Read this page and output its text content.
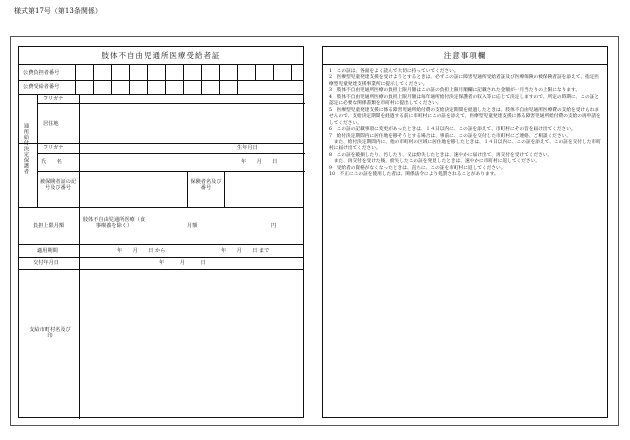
様式第17号（第13条関係）
肢体不自由児通所医療受給者証
公費負担者番号
公費受給者番号
通所給付決定保護者
フリガナ
居住地
フリガナ	生年月日
氏　　名	年　　月　　日
被保険者証の記号及び番号
保険者名及び番号
負担上限月額
肢体不自由児通所医療（食事療養を除く）	月額	円
適用期間	年　　月　　日 から	年　　月　　日 まで
交付年月日	年　　　月　　　日
支給市町村名及び印
注意事項欄

1　この証は、各面をよく読んで大切に持っていてください。

2　医療型児童発達支援を受けようとするときは、必ずこの証に障害児通所受給者証及び医療保険の被保険者証を添えて、指定医療型児童発達支援事業所に提示してください。

3　肢体不自由児通所医療の負担上限月額はこの証の負担上限月額欄に記載された金額が一月当たりの上限になります。

4　肢体不自由児通所医療の負担上限月額は毎年通所給付決定保護者の収入等に応じて決定しますので、所定の時期に、この証と認定に必要な関係書類を市町村に提出してください。

5　医療型児童発達支援に係る障害児通所給付費の支給決定期間を経過したときは、肢体不自由児通所医療費の支給を受けられませんので、支給決定期間を経過する前に市町村にこの証を添えて、医療型児童発達支援に係る障害児通所給付費の支給の再申請をしてください。

6　この証の記載事項に変更があったときは、１４日以内に、この証を添えて、市町村にその旨を届け出てください。

7　給付決定期間内に居住地を移そうとする場合は、事前に、この証を交付した市町村にご連絡、ご相談ください。

　また、給付決定期間内に、他の市町村の区域に居住地を移したときは、１４日以内に、この証を添えて、この証を交付した市町村に届け出てください。

8　この証を破損したり、汚したり、又は紛失したときは、速やかに届け出て、再交付を受けてください。

　また、再交付を受けた後、紛失したこの証を発見したときは、速やかに市町村に返してください。

9　受給者の資格がなくなったときは、直ちに、この証を市町村に返してください。

10　不正にこの証を使用した者は、関係法令により処罰されることがあります。
